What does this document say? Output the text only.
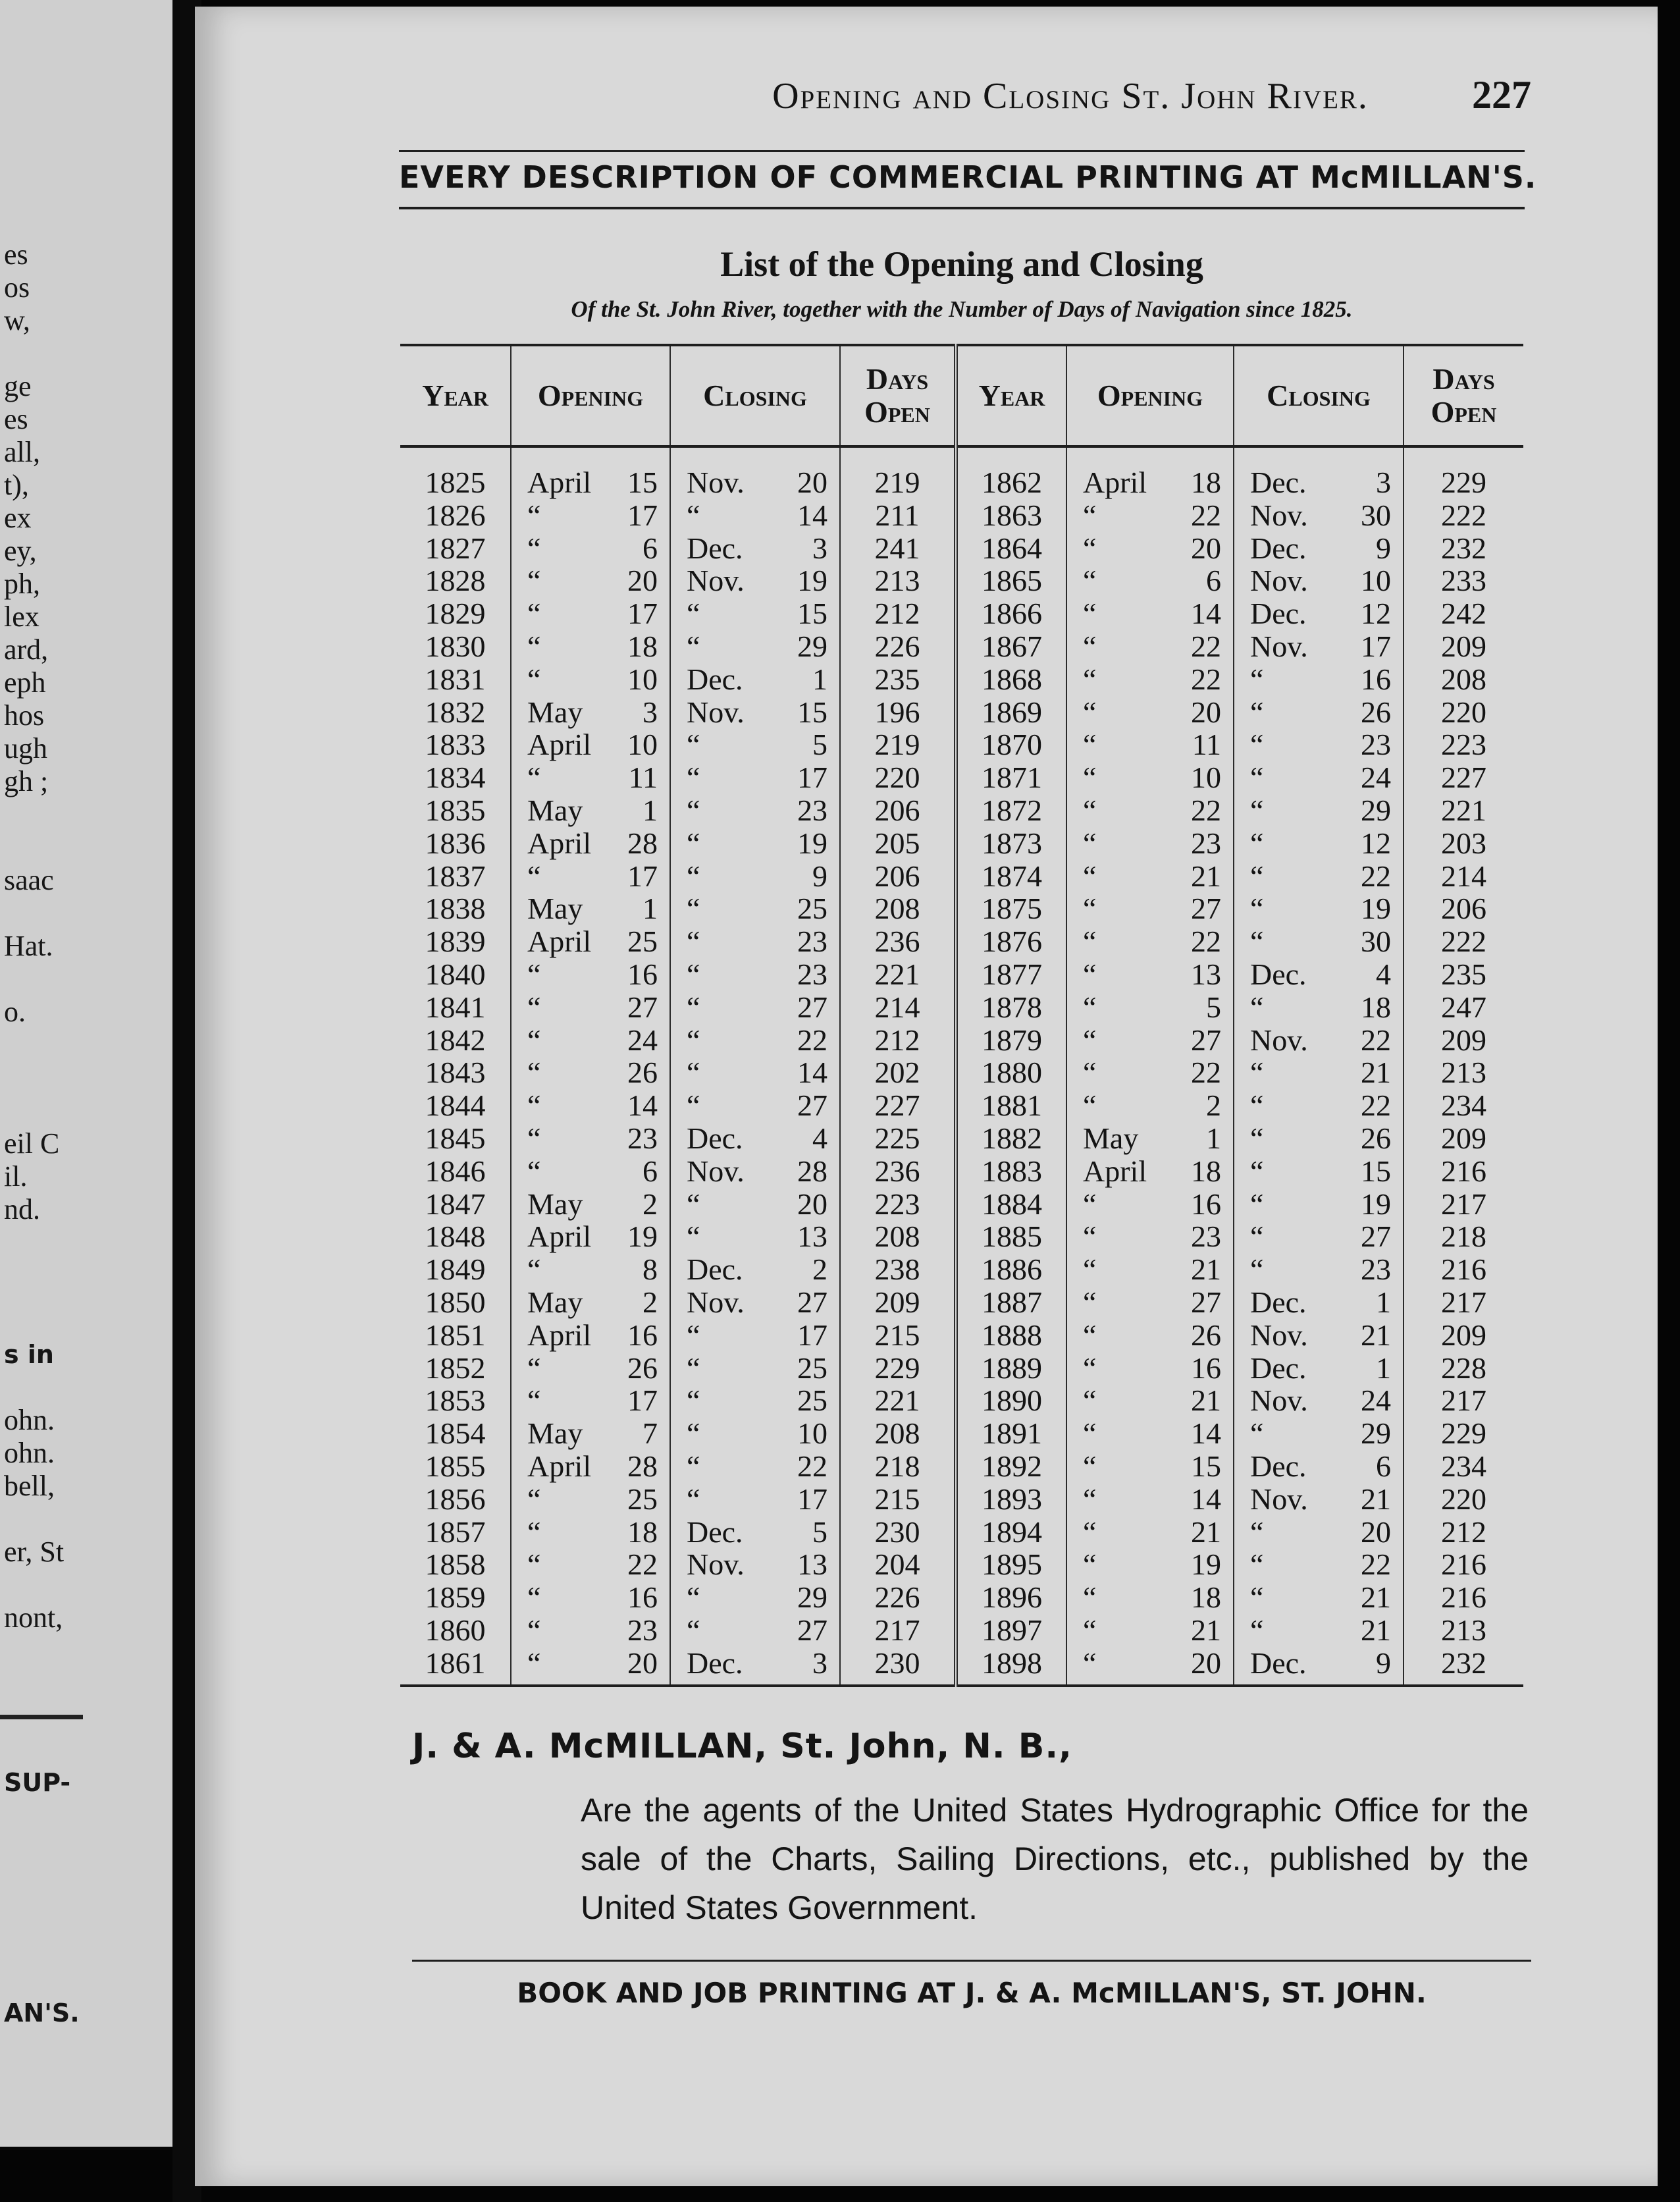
es
os
w,
ge
es
all,
t),
ex
ey,
ph,
lex
ard,
eph
hos
ugh
gh ;
saac
Hat.
o.
eil C
il.
nd.
s in
ohn.
ohn.
bell,
er, St
nont,
SUP-
AN'S.
Opening and Closing St. John River.	227
EVERY DESCRIPTION OF COMMERCIAL PRINTING AT McMILLAN'S.
List of the Opening and Closing
Of the St. John River, together with the Number of Days of Navigation since 1825.
Year	Opening	Closing	Days Open	Year	Opening	Closing	Days Open
1825	April 15	Nov. 20	219	1862	April 18	Dec. 3	229
1826	“ 17	“ 14	211	1863	“ 22	Nov. 30	222
1827	“ 6	Dec. 3	241	1864	“ 20	Dec. 9	232
1828	“ 20	Nov. 19	213	1865	“ 6	Nov. 10	233
1829	“ 17	“ 15	212	1866	“ 14	Dec. 12	242
1830	“ 18	“ 29	226	1867	“ 22	Nov. 17	209
1831	“ 10	Dec. 1	235	1868	“ 22	“ 16	208
1832	May 3	Nov. 15	196	1869	“ 20	“ 26	220
1833	April 10	“ 5	219	1870	“ 11	“ 23	223
1834	“ 11	“ 17	220	1871	“ 10	“ 24	227
1835	May 1	“ 23	206	1872	“ 22	“ 29	221
1836	April 28	“ 19	205	1873	“ 23	“ 12	203
1837	“ 17	“ 9	206	1874	“ 21	“ 22	214
1838	May 1	“ 25	208	1875	“ 27	“ 19	206
1839	April 25	“ 23	236	1876	“ 22	“ 30	222
1840	“ 16	“ 23	221	1877	“ 13	Dec. 4	235
1841	“ 27	“ 27	214	1878	“ 5	“ 18	247
1842	“ 24	“ 22	212	1879	“ 27	Nov. 22	209
1843	“ 26	“ 14	202	1880	“ 22	“ 21	213
1844	“ 14	“ 27	227	1881	“ 2	“ 22	234
1845	“ 23	Dec. 4	225	1882	May 1	“ 26	209
1846	“ 6	Nov. 28	236	1883	April 18	“ 15	216
1847	May 2	“ 20	223	1884	“ 16	“ 19	217
1848	April 19	“ 13	208	1885	“ 23	“ 27	218
1849	“ 8	Dec. 2	238	1886	“ 21	“ 23	216
1850	May 2	Nov. 27	209	1887	“ 27	Dec. 1	217
1851	April 16	“ 17	215	1888	“ 26	Nov. 21	209
1852	“ 26	“ 25	229	1889	“ 16	Dec. 1	228
1853	“ 17	“ 25	221	1890	“ 21	Nov. 24	217
1854	May 7	“ 10	208	1891	“ 14	“ 29	229
1855	April 28	“ 22	218	1892	“ 15	Dec. 6	234
1856	“ 25	“ 17	215	1893	“ 14	Nov. 21	220
1857	“ 18	Dec. 5	230	1894	“ 21	“ 20	212
1858	“ 22	Nov. 13	204	1895	“ 19	“ 22	216
1859	“ 16	“ 29	226	1896	“ 18	“ 21	216
1860	“ 23	“ 27	217	1897	“ 21	“ 21	213
1861	“ 20	Dec. 3	230	1898	“ 20	Dec. 9	232
J. & A. McMILLAN, St. John, N. B.,
Are the agents of the United States Hydrographic Office for the sale of the Charts, Sailing Directions, etc., published by the United States Government.
BOOK AND JOB PRINTING AT J. & A. McMILLAN'S, ST. JOHN.
